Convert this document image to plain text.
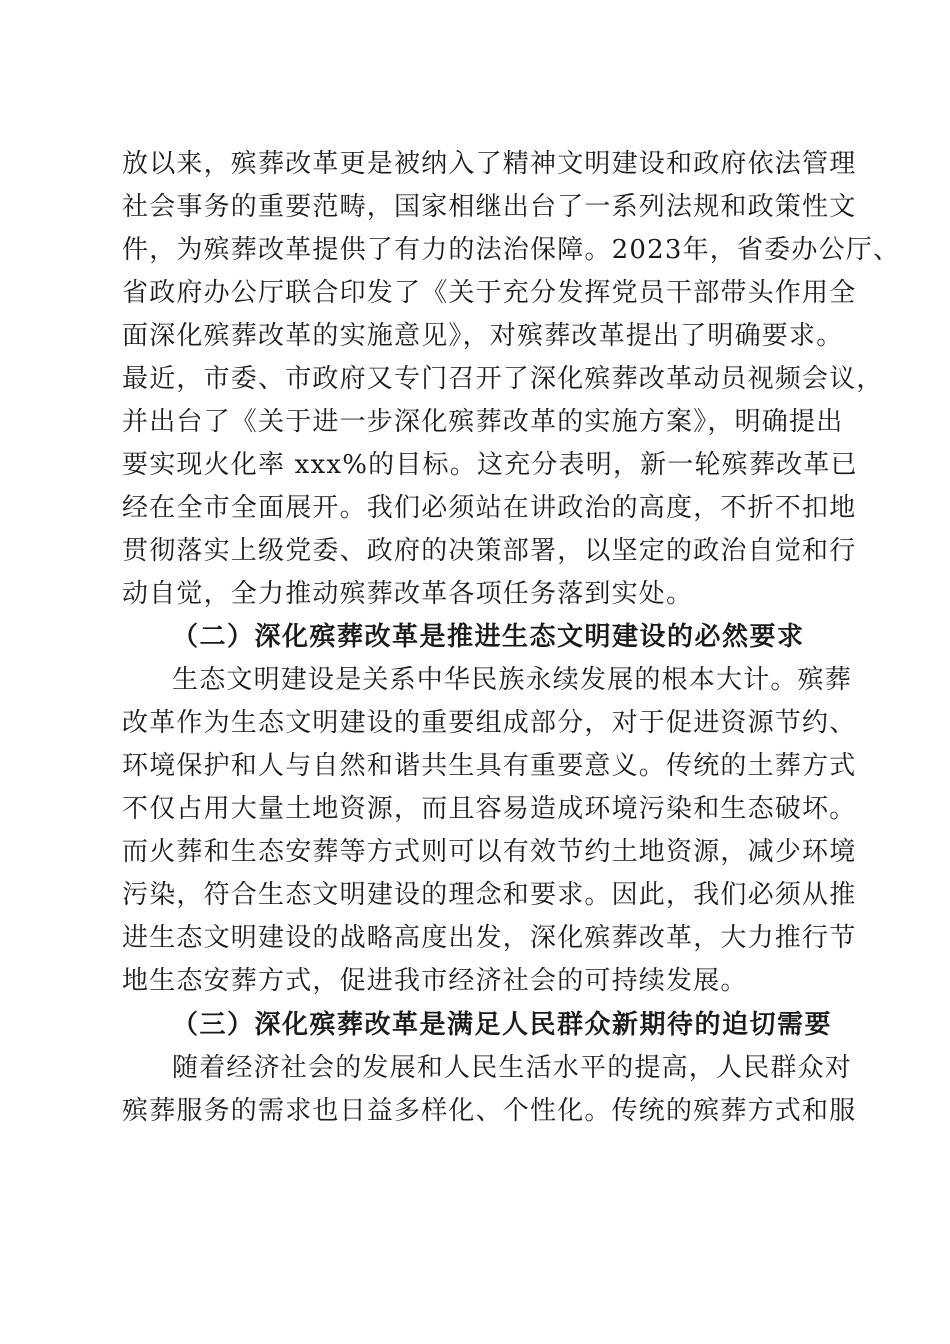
放以来，殡葬改革更是被纳入了精神文明建设和政府依法管理
社会事务的重要范畴，国家相继出台了一系列法规和政策性文
件，为殡葬改革提供了有力的法治保障。2023年，省委办公厅、
省政府办公厅联合印发了《关于充分发挥党员干部带头作用全
面深化殡葬改革的实施意见》，对殡葬改革提出了明确要求。
最近，市委、市政府又专门召开了深化殡葬改革动员视频会议，
并出台了《关于进一步深化殡葬改革的实施方案》，明确提出
要实现火化率 xxx%的目标。这充分表明，新一轮殡葬改革已
经在全市全面展开。我们必须站在讲政治的高度，不折不扣地
贯彻落实上级党委、政府的决策部署，以坚定的政治自觉和行
动自觉，全力推动殡葬改革各项任务落到实处。
（二）深化殡葬改革是推进生态文明建设的必然要求
生态文明建设是关系中华民族永续发展的根本大计。殡葬
改革作为生态文明建设的重要组成部分，对于促进资源节约、
环境保护和人与自然和谐共生具有重要意义。传统的土葬方式
不仅占用大量土地资源，而且容易造成环境污染和生态破坏。
而火葬和生态安葬等方式则可以有效节约土地资源，减少环境
污染，符合生态文明建设的理念和要求。因此，我们必须从推
进生态文明建设的战略高度出发，深化殡葬改革，大力推行节
地生态安葬方式，促进我市经济社会的可持续发展。
（三）深化殡葬改革是满足人民群众新期待的迫切需要
随着经济社会的发展和人民生活水平的提高，人民群众对
殡葬服务的需求也日益多样化、个性化。传统的殡葬方式和服
